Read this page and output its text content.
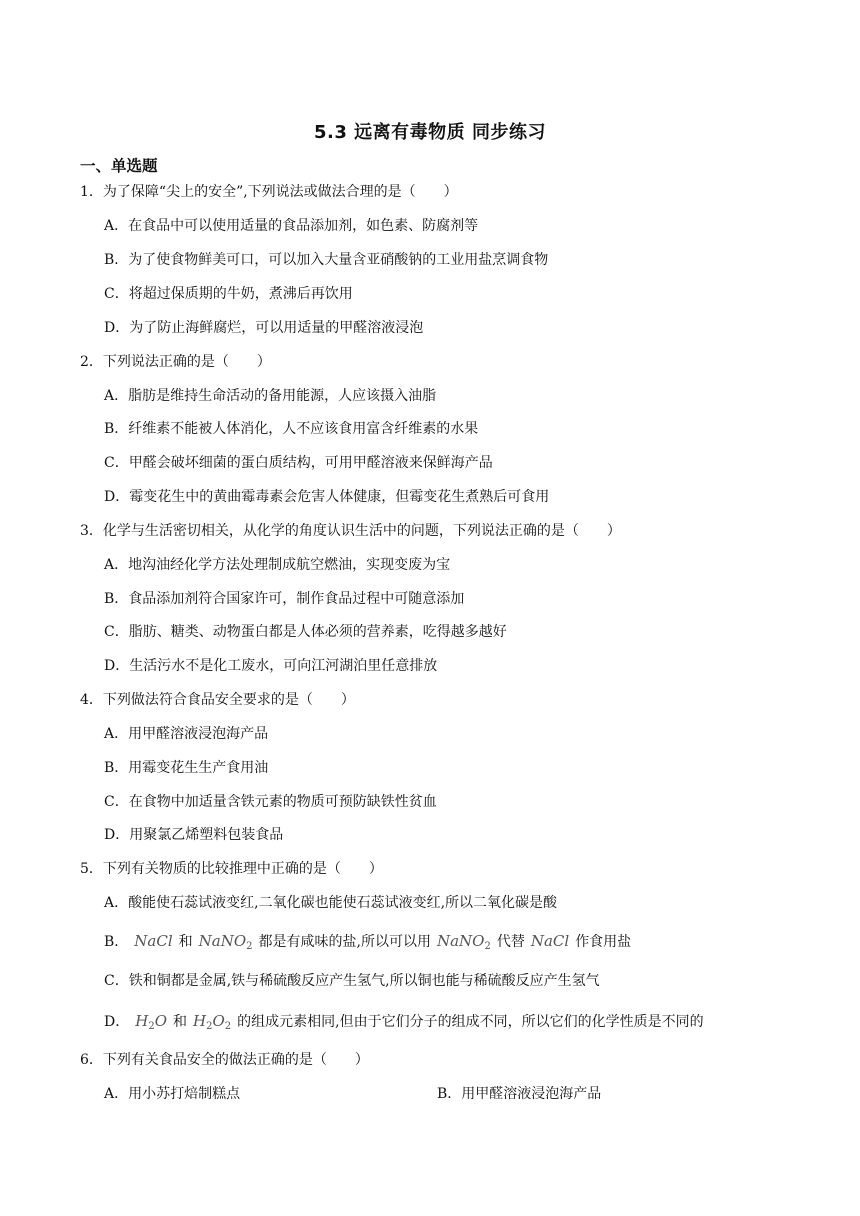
5.3 远离有毒物质 同步练习
一、单选题
1．为了保障“尖上的安全”,下列说法或做法合理的是（　　）
A．在食品中可以使用适量的食品添加剂，如色素、防腐剂等
B．为了使食物鲜美可口，可以加入大量含亚硝酸钠的工业用盐烹调食物
C．将超过保质期的牛奶，煮沸后再饮用
D．为了防止海鲜腐烂，可以用适量的甲醛溶液浸泡
2．下列说法正确的是（　　）
A．脂肪是维持生命活动的备用能源，人应该摄入油脂
B．纤维素不能被人体消化，人不应该食用富含纤维素的水果
C．甲醛会破坏细菌的蛋白质结构，可用甲醛溶液来保鲜海产品
D．霉变花生中的黄曲霉毒素会危害人体健康，但霉变花生煮熟后可食用
3．化学与生活密切相关，从化学的角度认识生活中的问题，下列说法正确的是（　　）
A．地沟油经化学方法处理制成航空燃油，实现变废为宝
B．食品添加剂符合国家许可，制作食品过程中可随意添加
C．脂肪、糖类、动物蛋白都是人体必须的营养素，吃得越多越好
D．生活污水不是化工废水，可向江河湖泊里任意排放
4．下列做法符合食品安全要求的是（　　）
A．用甲醛溶液浸泡海产品
B．用霉变花生生产食用油
C．在食物中加适量含铁元素的物质可预防缺铁性贫血
D．用聚氯乙烯塑料包装食品
5．下列有关物质的比较推理中正确的是（　　）
A．酸能使石蕊试液变红,二氧化碳也能使石蕊试液变红,所以二氧化碳是酸
B． NaCl 和 NaNO$_2$ 都是有咸味的盐,所以可以用 NaNO$_2$ 代替 NaCl 作食用盐
C．铁和铜都是金属,铁与稀硫酸反应产生氢气,所以铜也能与稀硫酸反应产生氢气
D． $H_2O$ 和 $H_2O_2$ 的组成元素相同,但由于它们分子的组成不同，所以它们的化学性质是不同的
6．下列有关食品安全的做法正确的是（　　）
A．用小苏打焙制糕点	B．用甲醛溶液浸泡海产品
